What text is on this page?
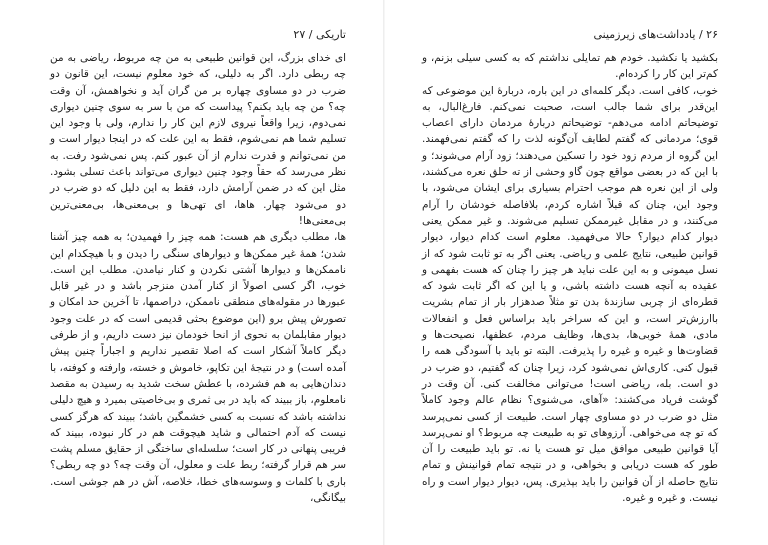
تاریکی / ۲۷

ای خدای بزرگ، این قوانین طبیعی به من چه مربوط، ریاضی به من چه ربطی دارد. اگر به دلیلی، که خود معلوم نیست، این قانون دو ضرب در دو مساوی چهاره بر من گران آید و نخواهمش، آن وقت چه؟ من چه باید بکنم؟ پیداست که من با سر به سوی چنین دیواری نمی‌دوم، زیرا واقعاً نیروی لازم این کار را ندارم، ولی با وجود این تسلیم شما هم نمی‌شوم، فقط به این علت که در اینجا دیوار است و من نمی‌توانم و قدرت ندارم از آن عبور کنم. پس نمی‌شود رفت. به نظر می‌رسد که حقاً وجود چنین دیواری می‌تواند باعث تسلی بشود. مثل این که در ضمن آرامش دارد، فقط به این دلیل که دو ضرب در دو می‌شود چهار. هاها، ای تهی‌ها و بی‌معنی‌ها، بی‌معنی‌ترین بی‌معنی‌ها!

ها، مطلب دیگری هم هست: همه چیز را فهمیدن؛ به همه چیز آشنا شدن؛ همهٔ غیر ممکن‌ها و دیوارهای سنگی را دیدن و با هیچکدام این ناممکن‌ها و دیوارها آشتی نکردن و کنار نیامدن. مطلب این است. خوب، اگر کسی اصولاً از کنار آمدن منزجر باشد و در غیر قابل عبورها در مقوله‌های منطقی ناممکن، دراصمها، تا آخرین حد امکان و تصورش پیش برو (این موضوع بحثی قدیمی است که در علت وجود دیوار مقابلمان به نحوی از انحا خودمان نیز دست داریم، و از طرفی دیگر کاملاً آشکار است که اصلا تقصیر نداریم و اجباراً چنین پیش آمده است) و در نتیجهٔ این تکاپو، خاموش و خسته، وارفته و کوفته، با دندان‌هایی به هم فشرده، با عطش سخت شدید به رسیدن به مقصد نامعلوم، باز ببیند که باید در بی ثمری و بی‌خاصیتی بمیرد و هیچ دلیلی نداشته باشد که نسبت به کسی خشمگین باشد؛ ببیند که هرگز کسی نیست که آدم احتمالی و شاید هیچوقت هم در کار نبوده، ببیند که فریبی پنهانی در کار است؛ سلسله‌ای ساختگی از حقایق مسلم پشت سر هم قرار گرفته؛ ربط علت و معلول، آن وقت چه؟ دو چه ربطی؟ باری با کلمات و وسوسه‌های خطا، خلاصه، آش در هم جوشی است. بیگانگی،

۲۶ / یادداشت‌های زیرزمینی

بکشید یا نکشید. خودم هم تمایلی نداشتم که به کسی سیلی بزنم، و کم‌تر این کار را کرده‌ام.

خوب، کافی است. دیگر کلمه‌ای در این باره، دربارهٔ این موضوعی که این‌قدر برای شما جالب است، صحبت نمی‌کنم. فارغ‌البال، به توضیحاتم ادامه می‌دهم- توضیحاتم دربارهٔ مردمان دارای اعصاب قوی؛ مردمانی که گفتم لطایف آن‌گونه لذت را که گفتم نمی‌فهمند. این گروه از مردم زود خود را تسکین می‌دهند؛ زود آرام می‌شوند؛ و با این که در بعضی مواقع چون گاو وحشی از ته حلق نعره می‌کشند، ولی از این نعره هم موجب احترام بسیاری برای ایشان می‌شود، با وجود این، چنان که قبلاً اشاره کردم، بلافاصله خودشان را آرام می‌کنند، و در مقابل غیرممکن تسلیم می‌شوند. و غیر ممکن یعنی دیوار کدام دیوار؟ حالا می‌فهمید. معلوم است کدام دیوار، دیوار قوانین طبیعی، نتایج علمی و ریاضی. یعنی اگر به تو ثابت شود که از نسل میمونی و به این علت نباید هر چیز را چنان که هست بفهمی و عقیده به آنچه هست داشته باشی، و یا این که اگر ثابت شود که قطره‌ای از چربی سازندهٔ بدن تو مثلاً صدهزار بار از تمام بشریت باارزش‌تر است، و این که سراخر باید براساس فعل و انفعالات مادی، همهٔ خوبی‌ها، بدی‌ها، وظایف مردم، عظفها، نصیحت‌ها و قضاوت‌ها و غیره و غیره را پذیرفت. البته تو باید با آسودگی همه را قبول کنی. کاری‌اش نمی‌شود کرد، زیرا چنان که گفتیم، دو ضرب در دو است. بله، ریاضی است! می‌توانی مخالفت کنی. آن وقت در گوشت فریاد می‌کشند: «آهای، می‌شنوی؟ نظام عالم وجود کاملاً مثل دو ضرب در دو مساوی چهار است. طبیعت از کسی نمی‌پرسد که تو چه می‌خواهی. آرزوهای تو به طبیعت چه مربوط؟ او نمی‌پرسد آیا قوانین طبیعی موافق میل تو هست یا نه. تو باید طبیعت را آن طور که هست دریابی و بخواهی، و در نتیجه تمام قوانینش و تمام نتایج حاصله از آن قوانین را باید بپذیری. پس، دیوار دیوار است و راه نیست. و غیره و غیره.
